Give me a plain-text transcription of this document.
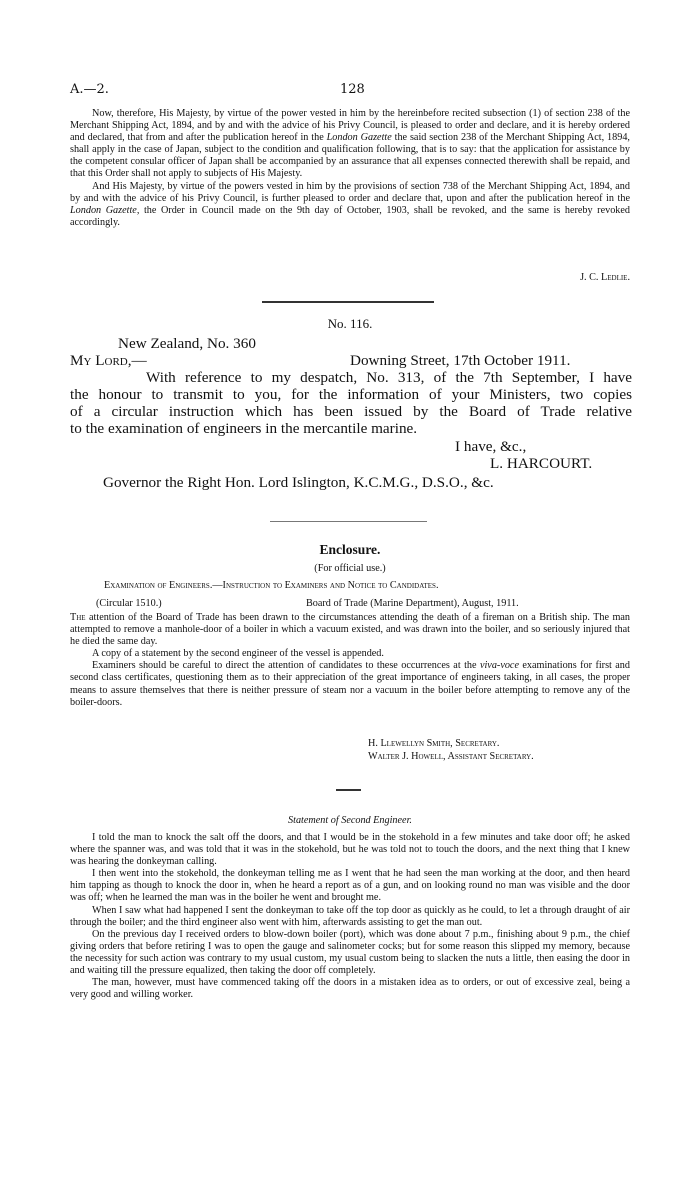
A.—2.	128

Now, therefore, His Majesty, by virtue of the power vested in him by the hereinbefore recited subsection (1) of section 238 of the Merchant Shipping Act, 1894, and by and with the advice of his Privy Council, is pleased to order and declare, and it is hereby ordered and declared, that from and after the publication hereof in the London Gazette the said section 238 of the Merchant Shipping Act, 1894, shall apply in the case of Japan, subject to the condition and qualification following, that is to say: that the application for assistance by the competent consular officer of Japan shall be accompanied by an assurance that all expenses connected therewith shall be repaid, and that this Order shall not apply to subjects of His Majesty.

And His Majesty, by virtue of the powers vested in him by the provisions of section 738 of the Merchant Shipping Act, 1894, and by and with the advice of his Privy Council, is further pleased to order and declare that, upon and after the publication hereof in the London Gazette, the Order in Council made on the 9th day of October, 1903, shall be revoked, and the same is hereby revoked accordingly.

J. C. Ledlie.
No. 116.
New Zealand, No. 360
My Lord,—	Downing Street, 17th October 1911.
With reference to my despatch, No. 313, of the 7th September, I have
the honour to transmit to you, for the information of your Ministers, two copies
of a circular instruction which has been issued by the Board of Trade relative
to the examination of engineers in the mercantile marine.
I have, &c.,
L. HARCOURT.
Governor the Right Hon. Lord Islington, K.C.M.G., D.S.O., &c.
Enclosure.
(For official use.)
Examination of Engineers.—Instruction to Examiners and Notice to Candidates.
(Circular 1510.)	Board of Trade (Marine Department), August, 1911.

The attention of the Board of Trade has been drawn to the circumstances attending the death of a fireman on a British ship. The man attempted to remove a manhole-door of a boiler in which a vacuum existed, and was drawn into the boiler, and so seriously injured that he died the same day.

A copy of a statement by the second engineer of the vessel is appended.

Examiners should be careful to direct the attention of candidates to these occurrences at the viva-voce examinations for first and second class certificates, questioning them as to their appreciation of the great importance of engineers taking, in all cases, the proper means to assure themselves that there is neither pressure of steam nor a vacuum in the boiler before attempting to remove any of the boiler-doors.

H. Llewellyn Smith, Secretary.
Walter J. Howell, Assistant Secretary.
Statement of Second Engineer.

I told the man to knock the salt off the doors, and that I would be in the stokehold in a few minutes and take door off; he asked where the spanner was, and was told that it was in the stokehold, but he was told not to touch the doors, and the next thing that I knew was hearing the donkeyman calling.

I then went into the stokehold, the donkeyman telling me as I went that he had seen the man working at the door, and then heard him tapping as though to knock the door in, when he heard a report as of a gun, and on looking round no man was visible and the door was off; when he learned the man was in the boiler he went and brought me.

When I saw what had happened I sent the donkeyman to take off the top door as quickly as he could, to let a through draught of air through the boiler; and the third engineer also went with him, afterwards assisting to get the man out.

On the previous day I received orders to blow-down boiler (port), which was done about 7 p.m., finishing about 9 p.m., the chief giving orders that before retiring I was to open the gauge and salinometer cocks; but for some reason this slipped my memory, because the necessity for such action was contrary to my usual custom, my usual custom being to slacken the nuts a little, then easing the door in and waiting till the pressure equalized, then taking the door off completely.

The man, however, must have commenced taking off the doors in a mistaken idea as to orders, or out of excessive zeal, being a very good and willing worker.
